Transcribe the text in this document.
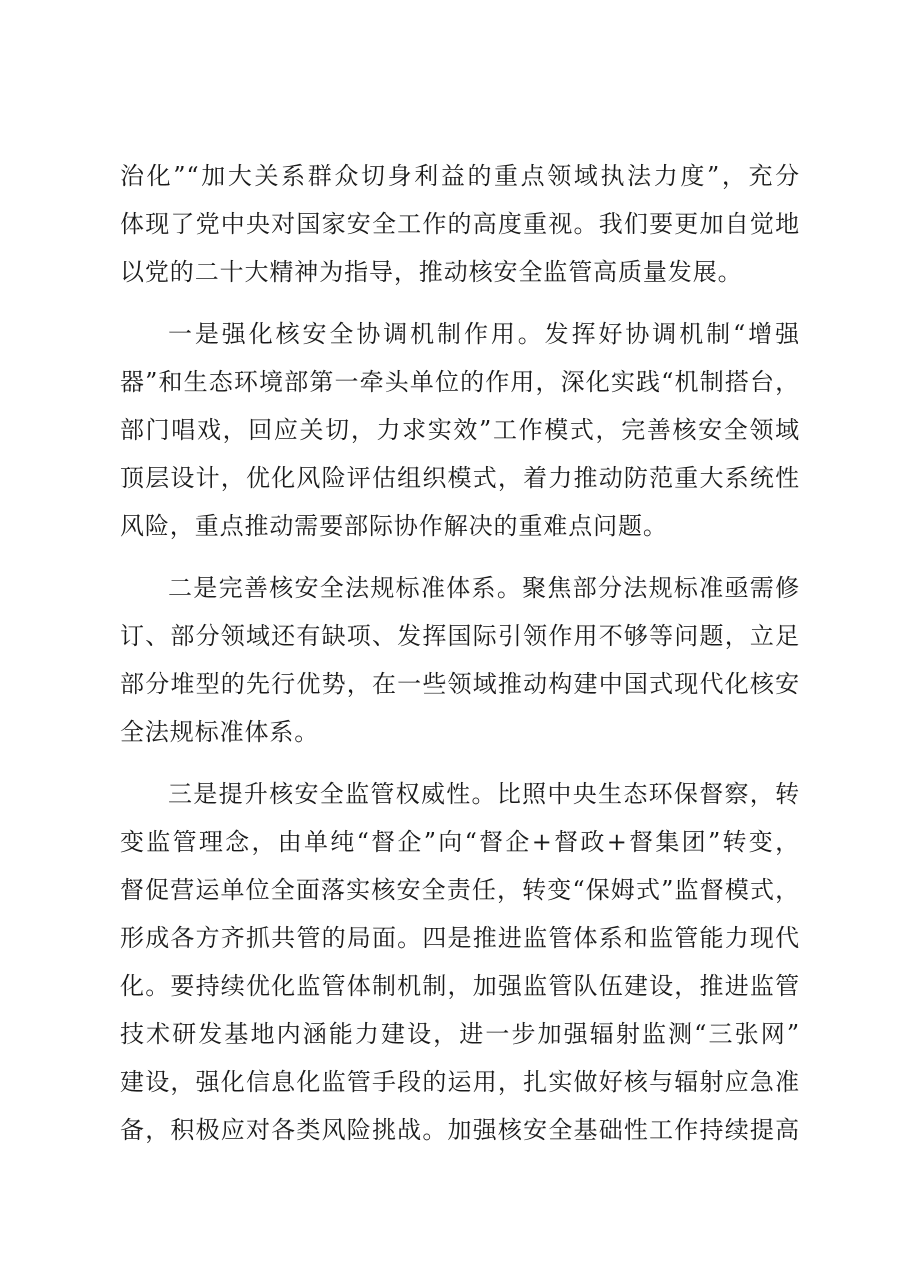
治化”“加大关系群众切身利益的重点领域执法力度”，充分
体现了党中央对国家安全工作的高度重视。我们要更加自觉地
以党的二十大精神为指导，推动核安全监管高质量发展。
一是强化核安全协调机制作用。发挥好协调机制“增强
器”和生态环境部第一牵头单位的作用，深化实践“机制搭台，
部门唱戏，回应关切，力求实效”工作模式，完善核安全领域
顶层设计，优化风险评估组织模式，着力推动防范重大系统性
风险，重点推动需要部际协作解决的重难点问题。
二是完善核安全法规标准体系。聚焦部分法规标准亟需修
订、部分领域还有缺项、发挥国际引领作用不够等问题，立足
部分堆型的先行优势，在一些领域推动构建中国式现代化核安
全法规标准体系。
三是提升核安全监管权威性。比照中央生态环保督察，转
变监管理念，由单纯“督企”向“督企+督政+督集团”转变，
督促营运单位全面落实核安全责任，转变“保姆式”监督模式，
形成各方齐抓共管的局面。四是推进监管体系和监管能力现代
化。要持续优化监管体制机制，加强监管队伍建设，推进监管
技术研发基地内涵能力建设，进一步加强辐射监测“三张网”
建设，强化信息化监管手段的运用，扎实做好核与辐射应急准
备，积极应对各类风险挑战。加强核安全基础性工作持续提高
